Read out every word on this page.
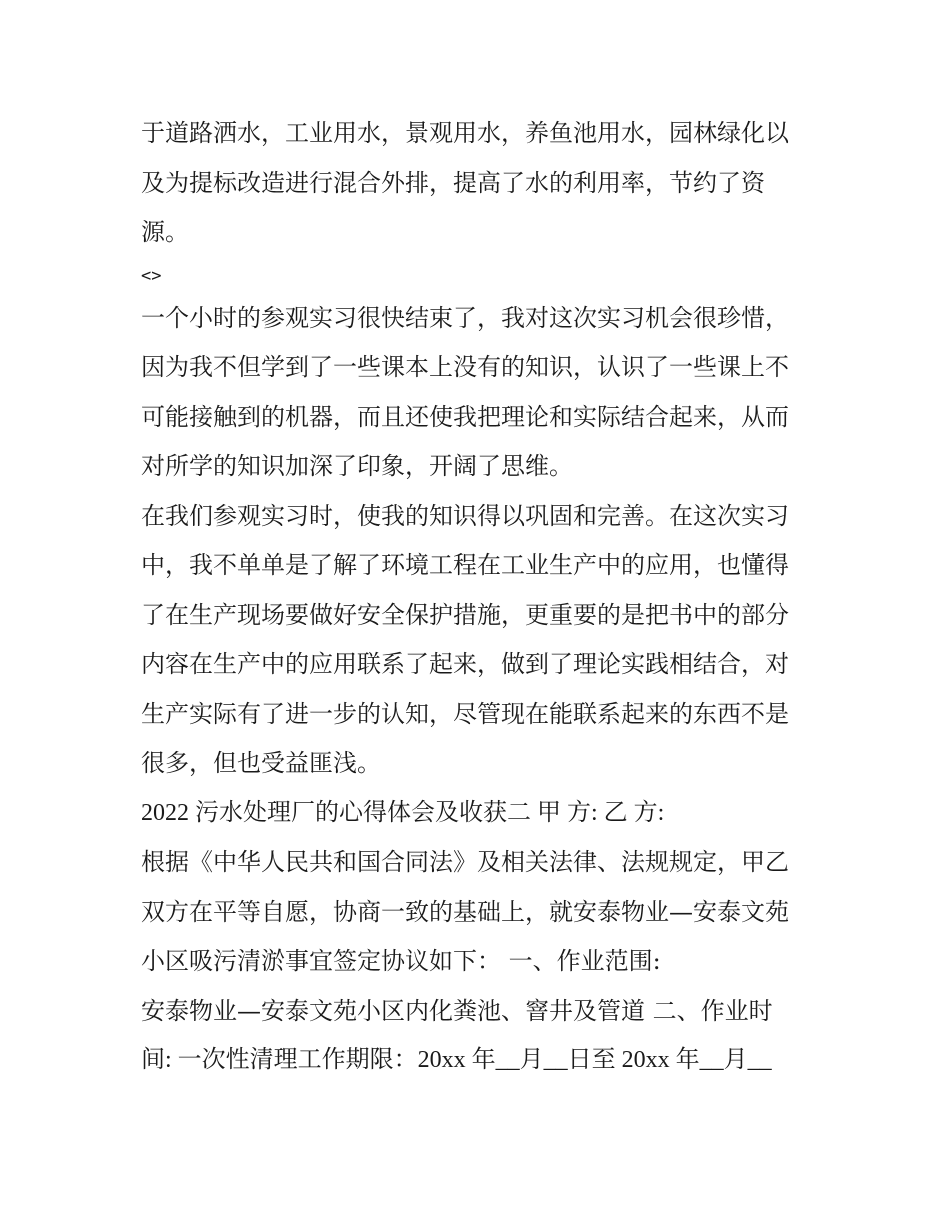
于道路洒水，工业用水，景观用水，养鱼池用水，园林绿化以
及为提标改造进行混合外排，提高了水的利用率，节约了资
源。
<>
一个小时的参观实习很快结束了，我对这次实习机会很珍惜，
因为我不但学到了一些课本上没有的知识，认识了一些课上不
可能接触到的机器，而且还使我把理论和实际结合起来，从而
对所学的知识加深了印象，开阔了思维。
在我们参观实习时，使我的知识得以巩固和完善。在这次实习
中，我不单单是了解了环境工程在工业生产中的应用，也懂得
了在生产现场要做好安全保护措施，更重要的是把书中的部分
内容在生产中的应用联系了起来，做到了理论实践相结合，对
生产实际有了进一步的认知，尽管现在能联系起来的东西不是
很多，但也受益匪浅。
2022 污水处理厂的心得体会及收获二 甲 方: 乙 方:
根据《中华人民共和国合同法》及相关法律、法规规定，甲乙
双方在平等自愿，协商一致的基础上，就安泰物业—安泰文苑
小区吸污清淤事宜签定协议如下： 一、作业范围:
安泰物业—安泰文苑小区内化粪池、窨井及管道 二、作业时
间: 一次性清理工作期限：20xx 年__月__日至 20xx 年__月__
